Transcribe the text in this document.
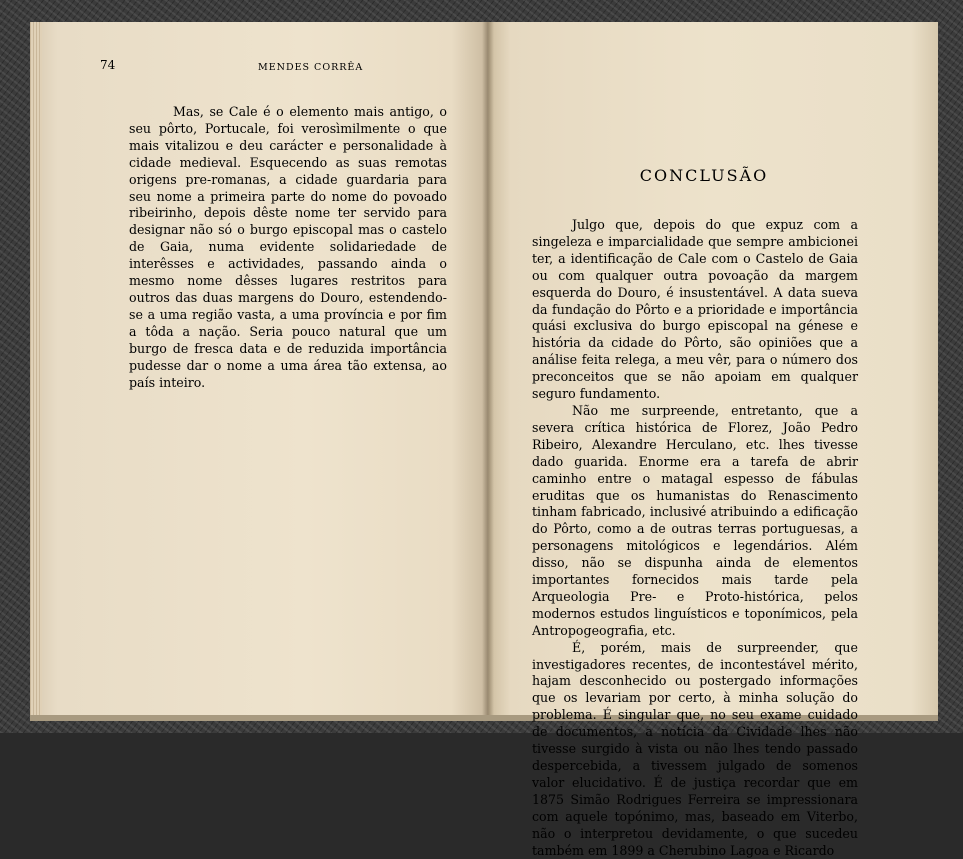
74	MENDES CORRÊA

Mas, se Cale é o elemento mais antigo, o seu pôrto, Portucale, foi verosìmilmente o que mais vitalizou e deu carácter e personalidade à cidade medieval. Esquecendo as suas remotas origens pre-romanas, a cidade guardaria para seu nome a primeira parte do nome do povoado ribeirinho, depois dêste nome ter servido para designar não só o burgo episcopal mas o castelo de Gaia, numa evidente solidariedade de interêsses e actividades, passando ainda o mesmo nome dêsses lugares restritos para outros das duas margens do Douro, estendendo-se a uma região vasta, a uma província e por fim a tôda a nação. Seria pouco natural que um burgo de fresca data e de reduzida importância pudesse dar o nome a uma área tão extensa, ao país inteiro.

CONCLUSÃO

Julgo que, depois do que expuz com a singeleza e imparcialidade que sempre ambicionei ter, a identificação de Cale com o Castelo de Gaia ou com qualquer outra povoação da margem esquerda do Douro, é insustentável. A data sueva da fundação do Pôrto e a prioridade e importância quási exclusiva do burgo episcopal na génese e história da cidade do Pôrto, são opiniões que a análise feita relega, a meu vêr, para o número dos preconceitos que se não apoiam em qualquer seguro fundamento.

Não me surpreende, entretanto, que a severa crítica histórica de Florez, João Pedro Ribeiro, Alexandre Herculano, etc. lhes tivesse dado guarida. Enorme era a tarefa de abrir caminho entre o matagal espesso de fábulas eruditas que os humanistas do Renascimento tinham fabricado, inclusivé atribuindo a edificação do Pôrto, como a de outras terras portuguesas, a personagens mitológicos e legendários. Além disso, não se dispunha ainda de elementos importantes fornecidos mais tarde pela Arqueologia Pre- e Proto-histórica, pelos modernos estudos linguísticos e toponímicos, pela Antropogeografia, etc.

É, porém, mais de surpreender, que investigadores recentes, de incontestável mérito, hajam desconhecido ou postergado informações que os levariam por certo, à minha solução do problema. É singular que, no seu exame cuidado de documentos, a notícia da Cividade lhes não tivesse surgido à vista ou não lhes tendo passado despercebida, a tivessem julgado de somenos valor elucidativo. É de justiça recordar que em 1875 Simão Rodrigues Ferreira se impressionara com aquele topónimo, mas, baseado em Viterbo, não o interpretou devidamente, o que sucedeu também em 1899 a Cherubino Lagoa e Ricardo
